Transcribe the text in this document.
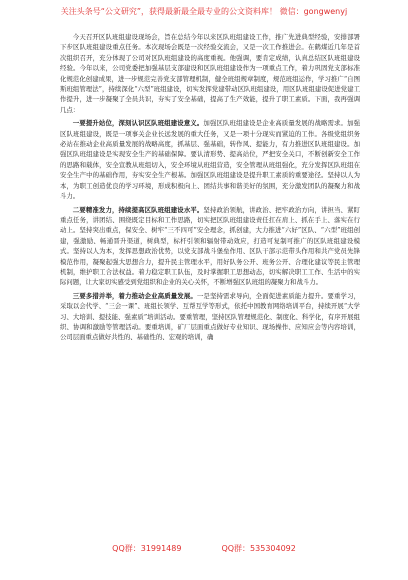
关注头条号“公文研究”，获得最新最全最专业的公文资料库！ 微信：gongwenyj

今天召开区队班组建设现场会，旨在总结今年以来区队班组建设工作，推广先进典型经验，安排部署下步区队班组建设重点任务。本次现场会既是一次经验交流会，又是一次工作推进会。在鹤煤近几年是首次组织召开，充分体现了公司对区队班组建设的高度重视。他强调，要肯定成绩，认真总结区队班组建设经验。今年以来，公司党委把加强基层支部建设和区队班组建设作为一项重点工作，着力巩固党支部标准化规范化创建成果，进一步规范完善党支部管理机制，健全班组规章制度，规范班组运作，学习推广“自图斯班组管理法”，持续深化“六型”班组建设，切实发挥党建带动区队班组建设，用区队班组建设促进党建工作提升，进一步凝聚了全员共识，夯实了安全基础，提高了生产效能，提升了职工素质。下面，我再强调几点：

一要提升站位，深刻认识区队班组建设意义。加强区队班组建设是企业高质量发展的战略需求。加强区队班组建设，既是一项事关企业长远发展的重大任务，又是一项十分现实而紧迫的工作。各级党组织务必站在推动企业高质量发展的战略高度，抓基层、强基础，转作风、提能力，有力推进区队班组建设。加强区队班组建设是实现安全生产的基础保障。要认清形势、提高站位，严把安全关口，不断创新安全工作的思路和载体，安全宣教从班组切入，安全环境从班组营造，安全管理从班组强化，充分发挥区队班组在安全生产中的基础作用，夯实安全生产根基。加强区队班组建设是提升职工素质的重要途径。坚持以人为本，为职工创造优良的学习环境，形成积极向上、团结共事和谐美好的氛围，充分激发团队的凝聚力和战斗力。

二要精准发力，持续提高区队班组建设水平。坚持政治领航，讲政治、把牢政治方向，讲担当、紧盯重点任务，讲团结、围绕既定目标和工作思路，切实把区队班组建设责任扛在肩上、抓在手上、落实在行动上。坚持突出重点，保安全、树牢“三不四可”安全理念，抓创建，大力推进“六好”区队、“六型”班组创建，强激励、畅通晋升渠道，树典型，标杆引领和辐射带动效应，打造可复制可推广的区队班组建设模式。坚持以人为本，发挥思想政治优势，以党支部战斗堡垒作用、区队干部示范带头作用和共产党员先锋模范作用，凝聚起强大思想合力，提升民主管理水平，用好队务公开、班务公开、合理化建议等民主管理机制，维护职工合法权益。着力稳定职工队伍，及时掌握职工思想动态，切实解决职工工作、生活中的实际问题，让大家切实感受到党组织和企业的关心关怀，不断增强区队班组的凝聚力和战斗力。

三要多措并举，着力推动企业高质量发展。一是坚持需求导向，全面促进素质能力提升。要重学习，采取以会代学、“三会一课”、班组长领学、互帮互学等形式，依托中国教育网络培训平台，持续开展“大学习、大培训、提技能、强素质”培训活动。要重管理，坚持区队管理规范化、制度化、科学化，有序开展组织、协调和激励等管理活动。要重培训，矿厂层面重点做好专业知识、现场操作、应知应会等内容培训，公司层面重点做好共性的、基础性的、宏观的培训，确

QQ群：31991489	QQ群：535304092
